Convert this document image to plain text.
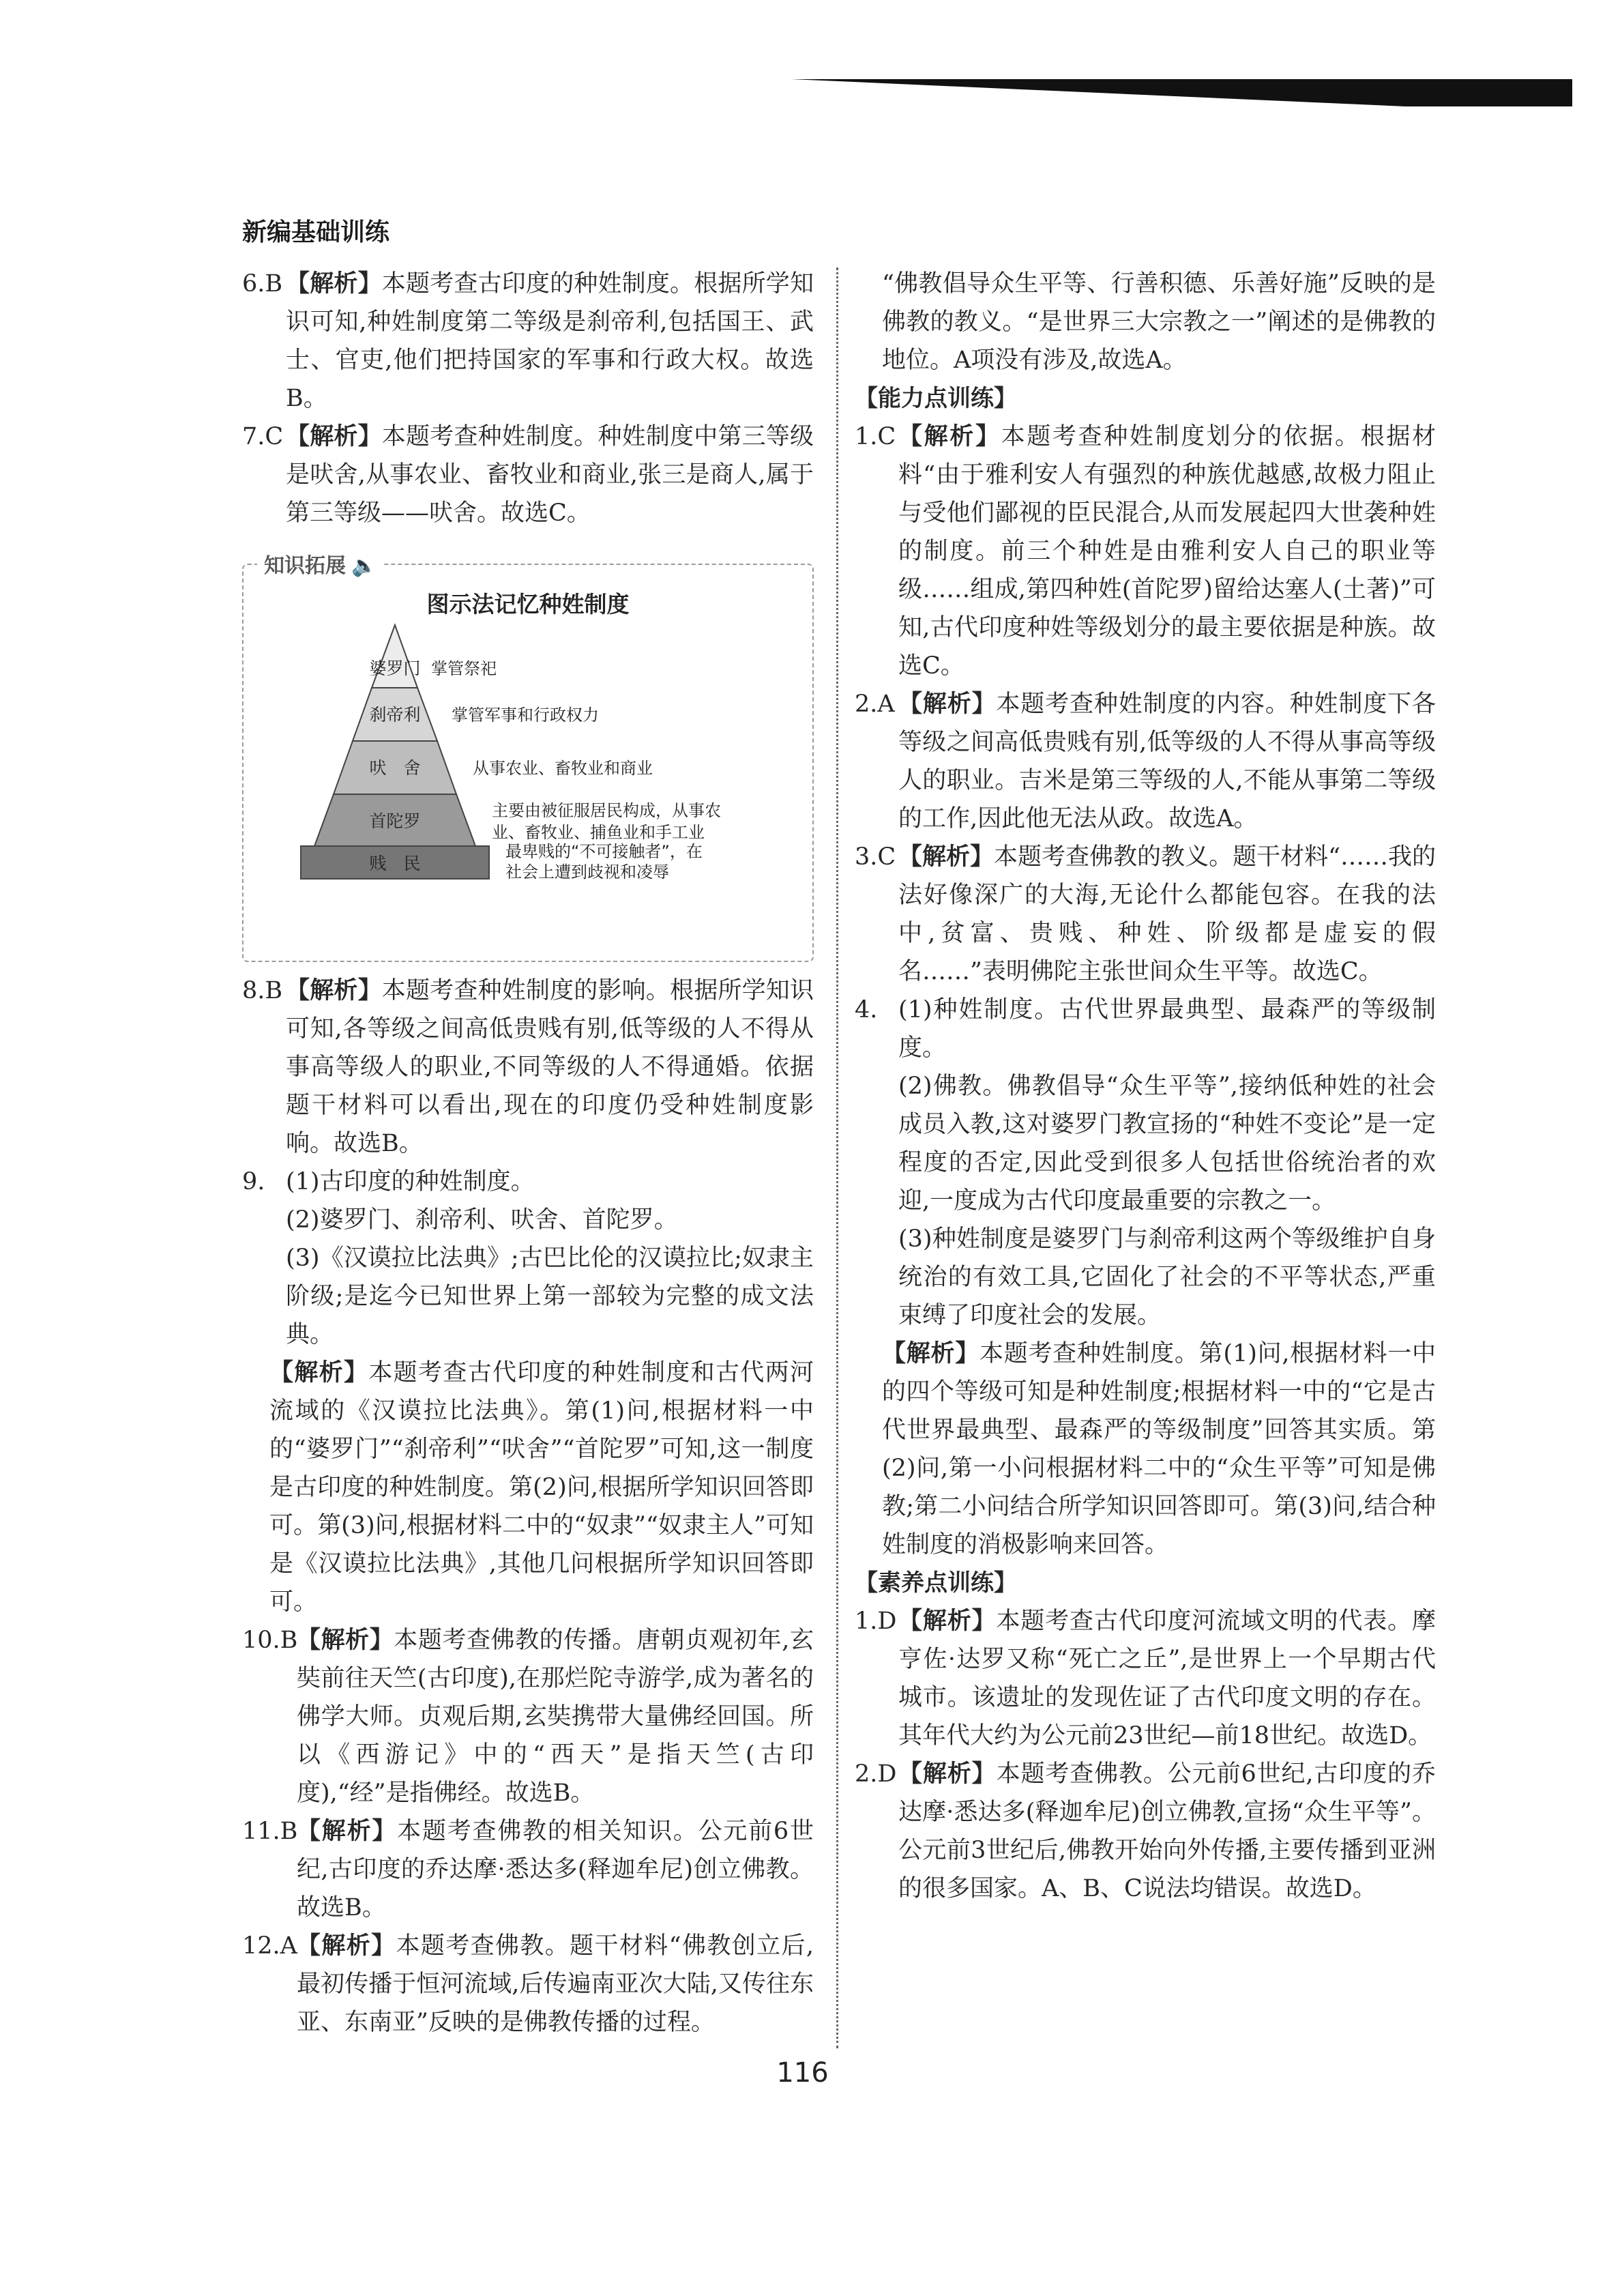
新编基础训练
6.B 【解析】本题考查古印度的种姓制度。根据所学知识可知,种姓制度第二等级是刹帝利,包括国王、武士、官吏,他们把持国家的军事和行政大权。故选B。
7.C 【解析】本题考查种姓制度。种姓制度中第三等级是吠舍,从事农业、畜牧业和商业,张三是商人,属于第三等级——吠舍。故选C。
知识拓展 🔈
图示法记忆种姓制度
婆罗门
刹帝利
吠　舍
首陀罗
贱　民
掌管祭祀
掌管军事和行政权力
从事农业、畜牧业和商业
主要由被征服居民构成，从事农
业、畜牧业、捕鱼业和手工业
最卑贱的“不可接触者”，在
社会上遭到歧视和凌辱
8.B 【解析】本题考查种姓制度的影响。根据所学知识可知,各等级之间高低贵贱有别,低等级的人不得从事高等级人的职业,不同等级的人不得通婚。依据题干材料可以看出,现在的印度仍受种姓制度影响。故选B。
9. (1)古印度的种姓制度。
(2)婆罗门、刹帝利、吠舍、首陀罗。
(3)《汉谟拉比法典》;古巴比伦的汉谟拉比;奴隶主阶级;是迄今已知世界上第一部较为完整的成文法典。
【解析】本题考查古代印度的种姓制度和古代两河流域的《汉谟拉比法典》。第(1)问,根据材料一中的“婆罗门”“刹帝利”“吠舍”“首陀罗”可知,这一制度是古印度的种姓制度。第(2)问,根据所学知识回答即可。第(3)问,根据材料二中的“奴隶”“奴隶主人”可知是《汉谟拉比法典》,其他几问根据所学知识回答即可。
10.B
【解析】本题考查佛教的传播。唐朝贞观初年,玄奘前往天竺(古印度),在那烂陀寺游学,成为著名的佛学大师。贞观后期,玄奘携带大量佛经回国。所以《西游记》中的“西天”是指天竺(古印度),“经”是指佛经。故选B。
11.B
【解析】本题考查佛教的相关知识。公元前6世纪,古印度的乔达摩·悉达多(释迦牟尼)创立佛教。故选B。
12.A 【解析】本题考查佛教。题干材料“佛教创立后,最初传播于恒河流域,后传遍南亚次大陆,又传往东亚、东南亚”反映的是佛教传播的过程。
“佛教倡导众生平等、行善积德、乐善好施”反映的是佛教的教义。“是世界三大宗教之一”阐述的是佛教的地位。A项没有涉及,故选A。
【能力点训练】
1.C 【解析】本题考查种姓制度划分的依据。根据材料“由于雅利安人有强烈的种族优越感,故极力阻止与受他们鄙视的臣民混合,从而发展起四大世袭种姓的制度。前三个种姓是由雅利安人自己的职业等级……组成,第四种姓(首陀罗)留给达塞人(土著)”可知,古代印度种姓等级划分的最主要依据是种族。故选C。
2.A 【解析】本题考查种姓制度的内容。种姓制度下各等级之间高低贵贱有别,低等级的人不得从事高等级人的职业。吉米是第三等级的人,不能从事第二等级的工作,因此他无法从政。故选A。
3.C 【解析】本题考查佛教的教义。题干材料“……我的法好像深广的大海,无论什么都能包容。在我的法中,贫富、贵贱、种姓、阶级都是虚妄的假名……”表明佛陀主张世间众生平等。故选C。
4. (1)种姓制度。古代世界最典型、最森严的等级制度。
(2)佛教。佛教倡导“众生平等”,接纳低种姓的社会成员入教,这对婆罗门教宣扬的“种姓不变论”是一定程度的否定,因此受到很多人包括世俗统治者的欢迎,一度成为古代印度最重要的宗教之一。
(3)种姓制度是婆罗门与刹帝利这两个等级维护自身统治的有效工具,它固化了社会的不平等状态,严重束缚了印度社会的发展。
【解析】本题考查种姓制度。第(1)问,根据材料一中的四个等级可知是种姓制度;根据材料一中的“它是古代世界最典型、最森严的等级制度”回答其实质。第(2)问,第一小问根据材料二中的“众生平等”可知是佛教;第二小问结合所学知识回答即可。第(3)问,结合种姓制度的消极影响来回答。
【素养点训练】
1.D 【解析】本题考查古代印度河流域文明的代表。摩亨佐·达罗又称“死亡之丘”,是世界上一个早期古代城市。该遗址的发现佐证了古代印度文明的存在。其年代大约为公元前23世纪—前18世纪。故选D。
2.D 【解析】本题考查佛教。公元前6世纪,古印度的乔达摩·悉达多(释迦牟尼)创立佛教,宣扬“众生平等”。公元前3世纪后,佛教开始向外传播,主要传播到亚洲的很多国家。A、B、C说法均错误。故选D。
116
